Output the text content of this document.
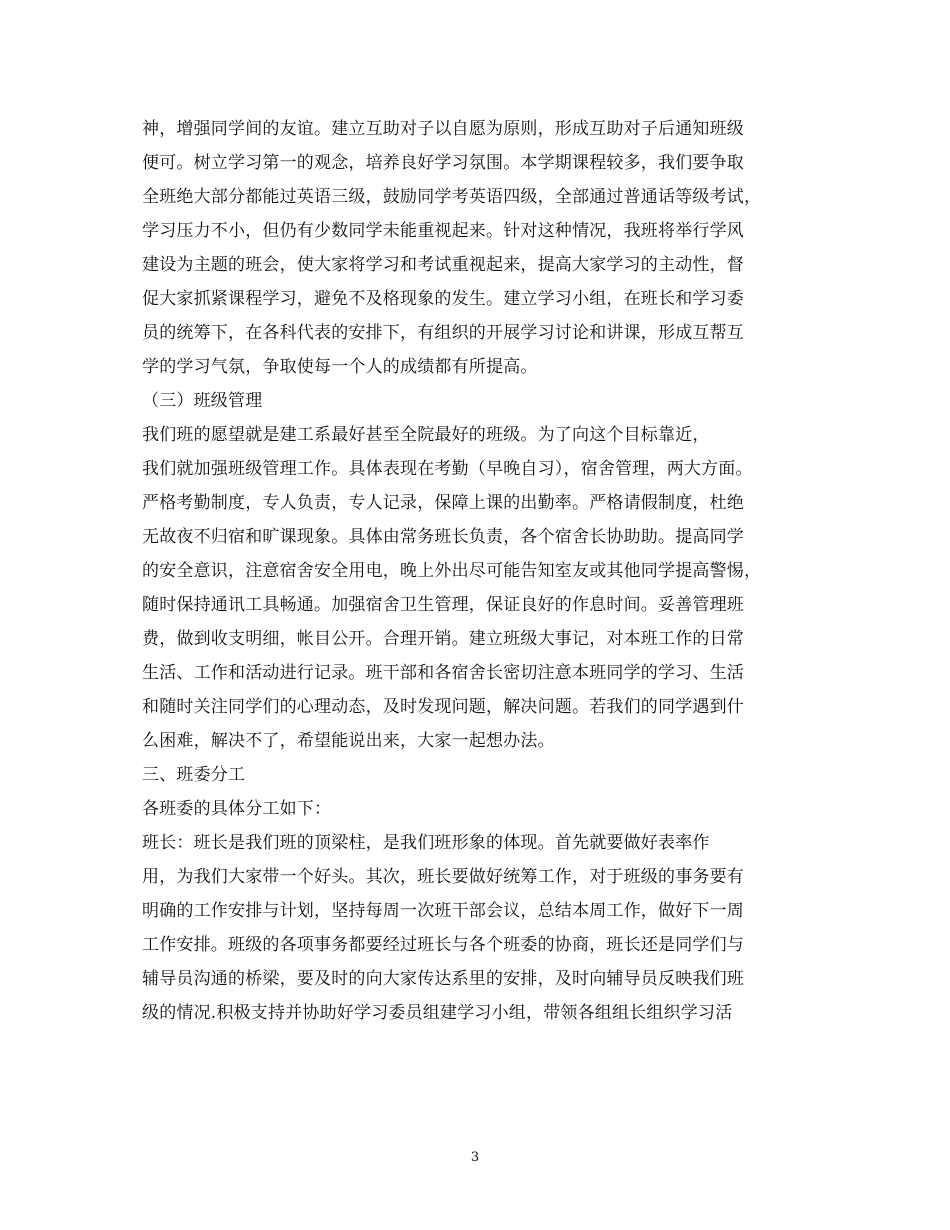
神，增强同学间的友谊。建立互助对子以自愿为原则，形成互助对子后通知班级
便可。树立学习第一的观念，培养良好学习氛围。本学期课程较多，我们要争取
全班绝大部分都能过英语三级，鼓励同学考英语四级，全部通过普通话等级考试，
学习压力不小，但仍有少数同学未能重视起来。针对这种情况，我班将举行学风
建设为主题的班会，使大家将学习和考试重视起来，提高大家学习的主动性，督
促大家抓紧课程学习，避免不及格现象的发生。建立学习小组，在班长和学习委
员的统筹下，在各科代表的安排下，有组织的开展学习讨论和讲课，形成互帮互
学的学习气氛，争取使每一个人的成绩都有所提高。
（三）班级管理
我们班的愿望就是建工系最好甚至全院最好的班级。为了向这个目标靠近，
我们就加强班级管理工作。具体表现在考勤（早晚自习），宿舍管理，两大方面。
严格考勤制度，专人负责，专人记录，保障上课的出勤率。严格请假制度，杜绝
无故夜不归宿和旷课现象。具体由常务班长负责，各个宿舍长协助助。提高同学
的安全意识，注意宿舍安全用电，晚上外出尽可能告知室友或其他同学提高警惕，
随时保持通讯工具畅通。加强宿舍卫生管理，保证良好的作息时间。妥善管理班
费，做到收支明细，帐目公开。合理开销。建立班级大事记，对本班工作的日常
生活、工作和活动进行记录。班干部和各宿舍长密切注意本班同学的学习、生活
和随时关注同学们的心理动态，及时发现问题，解决问题。若我们的同学遇到什
么困难，解决不了，希望能说出来，大家一起想办法。
三、班委分工
各班委的具体分工如下：
班长：班长是我们班的顶梁柱，是我们班形象的体现。首先就要做好表率作
用，为我们大家带一个好头。其次，班长要做好统筹工作，对于班级的事务要有
明确的工作安排与计划，坚持每周一次班干部会议，总结本周工作，做好下一周
工作安排。班级的各项事务都要经过班长与各个班委的协商，班长还是同学们与
辅导员沟通的桥梁，要及时的向大家传达系里的安排，及时向辅导员反映我们班
级的情况.积极支持并协助好学习委员组建学习小组，带领各组组长组织学习活
3
